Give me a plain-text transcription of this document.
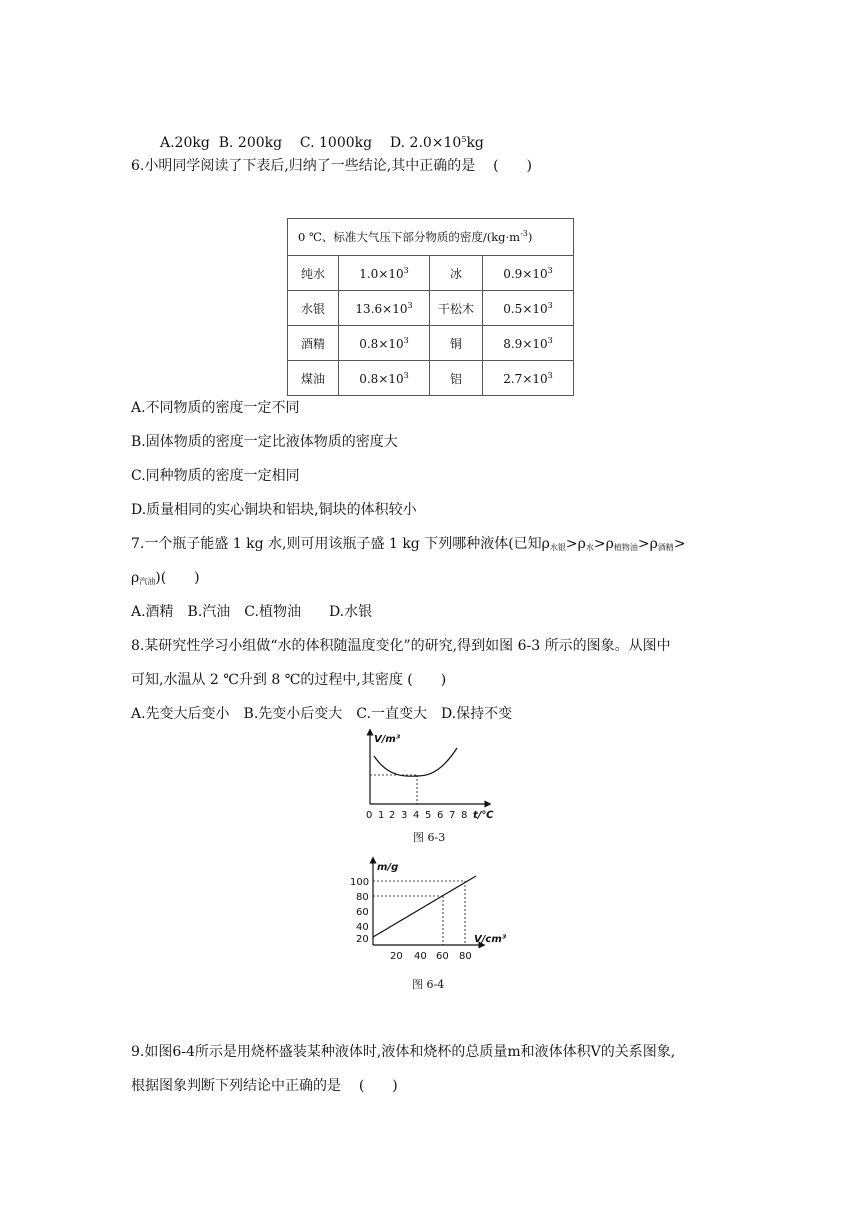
A.20kg B. 200kg C. 1000kg D. $2.0\times 10^5kg$
6.小明同学阅读了下表后,归纳了一些结论,其中正确的是 (　　)
0 ℃、标准大气压下部分物质的密度$/(kg\cdot m^{-3})$			
纯水	$1.0\times 10^3$	冰	$0.9\times 10^3$
水银	$13.6\times 10^3$	干松木	$0.5\times 10^3$
酒精	$0.8\times 10^3$	铜	$8.9\times 10^3$
煤油	$0.8\times 10^3$	铝	$2.7\times 10^3$
A.不同物质的密度一定不同
B.固体物质的密度一定比液体物质的密度大
C.同种物质的密度一定相同
D.质量相同的实心铜块和铝块,铜块的体积较小
7.一个瓶子能盛 1 kg 水,则可用该瓶子盛 1 kg 下列哪种液体(已知$\rho_{水银}>\rho_水>\rho_{植物油}>\rho_{酒精}>$
$\rho_{汽油}$)(　　)
A.酒精　B.汽油　C.植物油　　D.水银
8.某研究性学习小组做“水的体积随温度变化”的研究,得到如图 6-3 所示的图象。从图中
可知,水温从 2 ℃升到 8 ℃的过程中,其密度 (　　)
A.先变大后变小　B.先变小后变大　C.一直变大　D.保持不变
V/m³
0 1 2 3 4 5 6 7 8 t/℃
图 6-3
m/g
100
80
60
40
20
20 40 60 80
V/cm³
图 6-4
9.如图6-4所示是用烧杯盛装某种液体时,液体和烧杯的总质量m和液体体积V的关系图象,
根据图象判断下列结论中正确的是 (　　)
